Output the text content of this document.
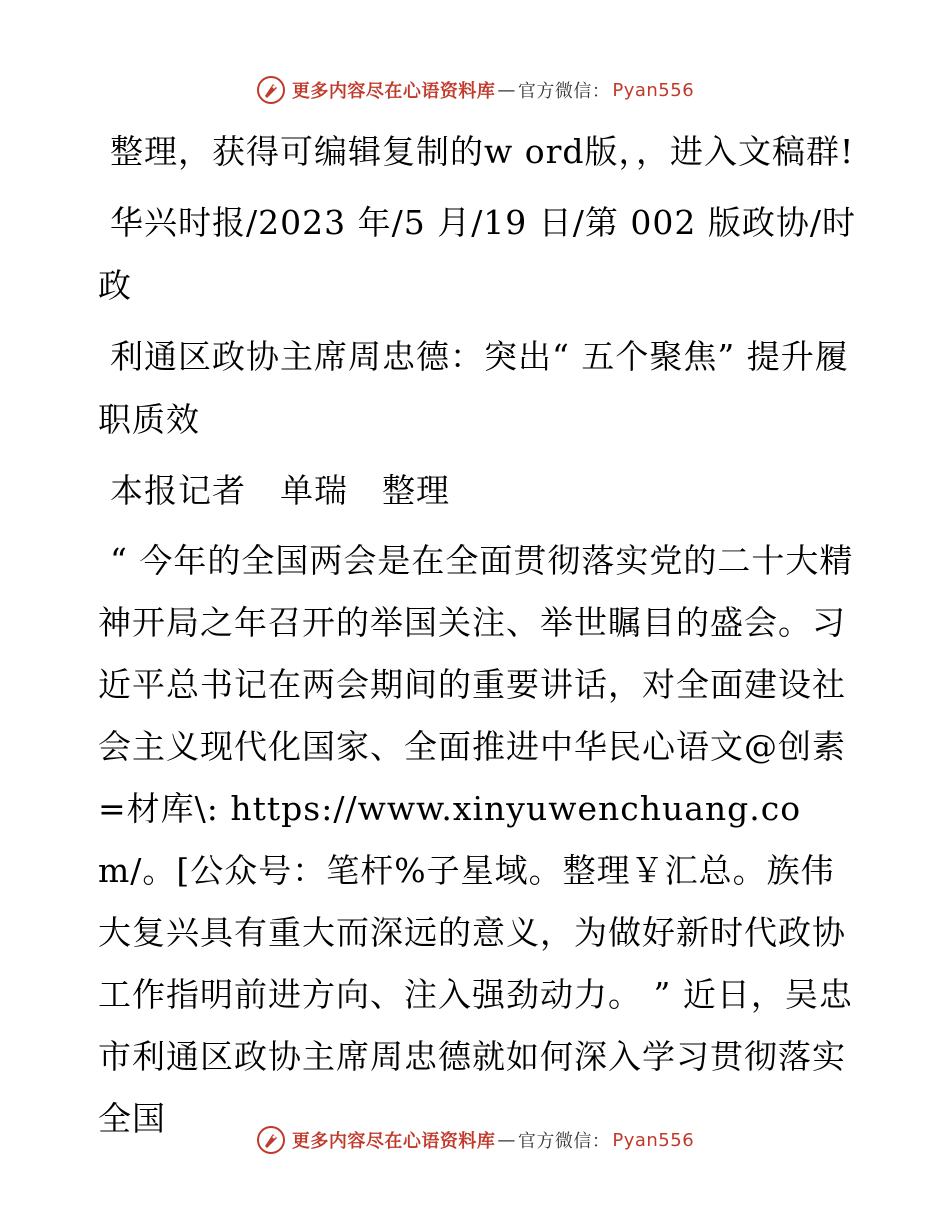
更多内容尽在心语资料库 — 官方微信： Pyan556

整理，获得可编辑复制的w ord版，，进入文稿群!

华兴时报/2023 年/5 月/19 日/第 002 版政协/时政

利通区政协主席周忠德：突出“ 五个聚焦” 提升履职质效

本报记者　单瑞　整理

“ 今年的全国两会是在全面贯彻落实党的二十大精神开局之年召开的举国关注、举世瞩目的盛会。习近平总书记在两会期间的重要讲话，对全面建设社会主义现代化国家、全面推进中华民心语文@创素=材库\: https://www.xinyuwenchuang.com/。[公众号：笔杆%子星域。整理￥汇总。族伟大复兴具有重大而深远的意义，为做好新时代政协工作指明前进方向、注入强劲动力。 ” 近日，吴忠市利通区政协主席周忠德就如何深入学习贯彻落实全国

更多内容尽在心语资料库 — 官方微信： Pyan556
